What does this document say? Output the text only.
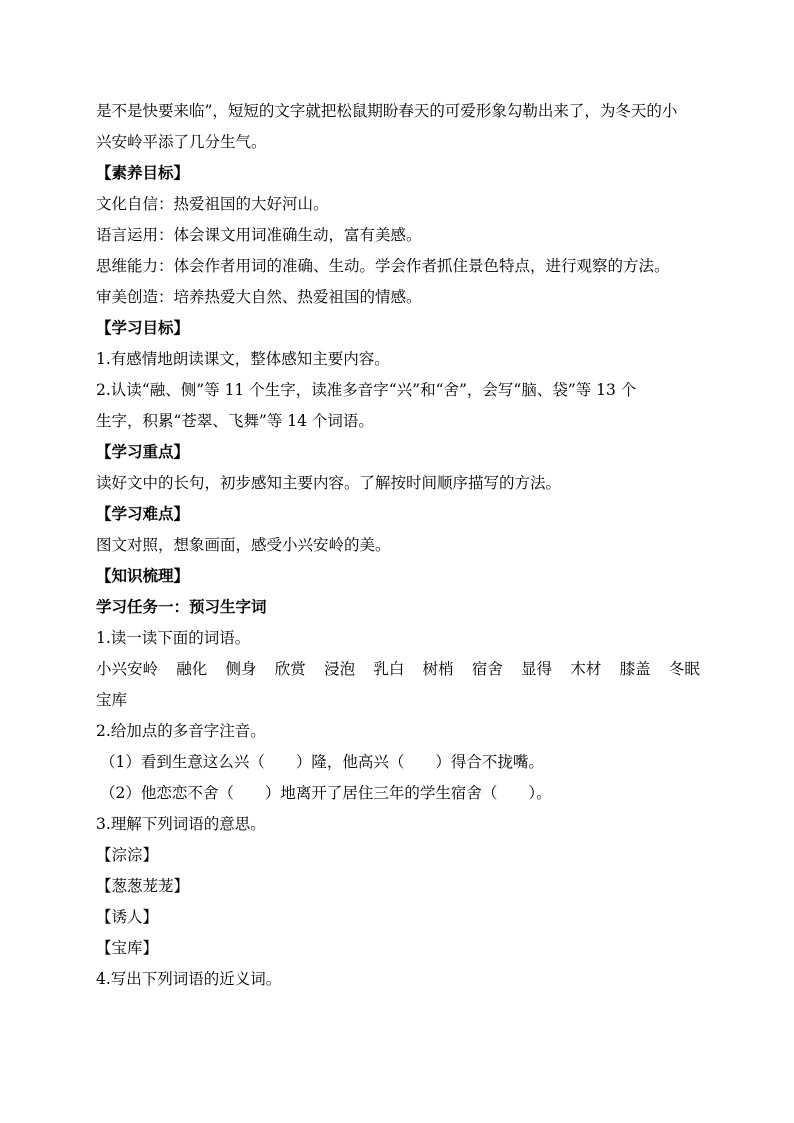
是不是快要来临”，短短的文字就把松鼠期盼春天的可爱形象勾勒出来了，为冬天的小
兴安岭平添了几分生气。
【素养目标】
文化自信：热爱祖国的大好河山。
语言运用：体会课文用词准确生动，富有美感。
思维能力：体会作者用词的准确、生动。学会作者抓住景色特点，进行观察的方法。
审美创造：培养热爱大自然、热爱祖国的情感。
【学习目标】
1.有感情地朗读课文，整体感知主要内容。
2.认读“融、侧”等 11 个生字，读准多音字“兴”和“舍”，会写“脑、袋”等 13 个
生字，积累“苍翠、飞舞”等 14 个词语。
【学习重点】
读好文中的长句，初步感知主要内容。了解按时间顺序描写的方法。
【学习难点】
图文对照，想象画面，感受小兴安岭的美。
【知识梳理】
学习任务一：预习生字词
1.读一读下面的词语。
小兴安岭 融化 侧身 欣赏 浸泡 乳白 树梢 宿舍 显得 木材 膝盖 冬眠
宝库
2.给加点的多音字注音。
（1）看到生意这么兴（　　）隆，他高兴（　　）得合不拢嘴。
（2）他恋恋不舍（　　）地离开了居住三年的学生宿舍（　　）。
3.理解下列词语的意思。
【淙淙】
【葱葱茏茏】
【诱人】
【宝库】
4.写出下列词语的近义词。
